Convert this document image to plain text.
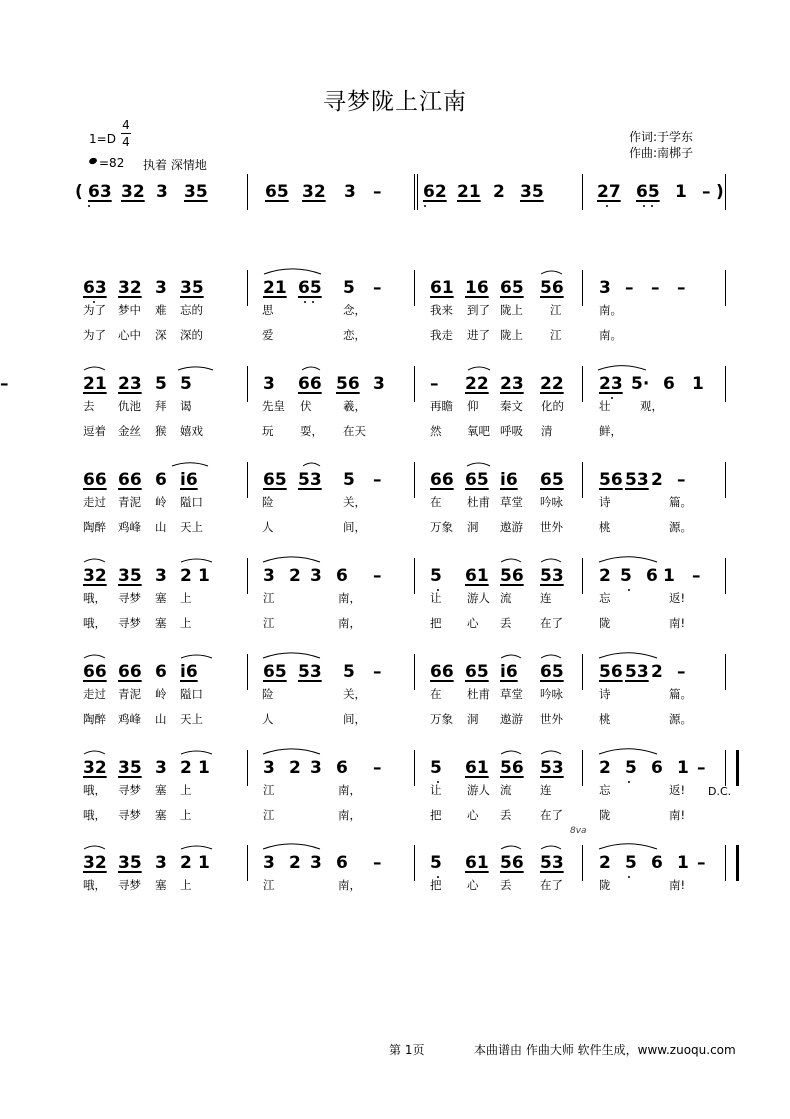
寻梦陇上江南
1=D
4
4
=82 执着 深情地
作词:于学东
作曲:南梆子
63 32 3 35	65 32 3 – 62 21 2 35	27 65 1 – )
63 32 3 35	21 65 5 –	61 16 65 56 3 – – –
为了 梦中 难 忘的	思	念，	我来 到了 陇上 江	南。
为了 心中 深 深的	爱	恋，	我走 进了 陇上 江	南。
21 23 5 5	3 66 56 3	– 22 23 22 23 5· 6 1
–
去 仇池 拜 谒	先皇 伏	羲，	再瞻 仰 秦文 化的	壮	观，
逗着 金丝 猴 嬉戏	玩 耍， 在天	然 氧吧 呼吸 清	鲜，
66 66 6 i6	65 53 5 –	66 65 i6 65 56 53 2 –
走过 青泥 岭 隘口	险	关，	在 杜甫 草堂 吟咏	诗	篇。
陶醉 鸡峰 山 天上	人	间，	万象 洞 遨游 世外	桃	源。
32 35 3 2 1	3 2 3 6 –	5 61 56 53 2 5 6 1 –
哦， 寻梦 塞 上	江	南，	让 游人 流 连	忘	返!
哦， 寻梦 塞 上	江	南，	把 心 丢 在了	陇	南!
66 66 6 i6	65 53 5 –	66 65 i6 65 56 53 2 –
走过 青泥 岭 隘口	险	关，	在 杜甫 草堂 吟咏	诗	篇。
陶醉 鸡峰 山 天上	人	间，	万象 洞 遨游 世外	桃	源。
32 35 3 2 1	3 2 3 6 –	5 61 56 53 2 5 6 1 –
哦， 寻梦 塞 上	江	南，	让 游人 流 连	忘	返!
哦， 寻梦 塞 上	江	南，	把 心 丢 在了	陇	南!
32 35 3 2 1	3 2 3 6 –	5 61 56 53 2 5 6 1 –
哦， 寻梦 塞 上	江	南，	把 心 丢 在了	陇	南!
(
D.C.
8va
第 1页	本曲谱由 作曲大师 软件生成，www.zuoqu.com
